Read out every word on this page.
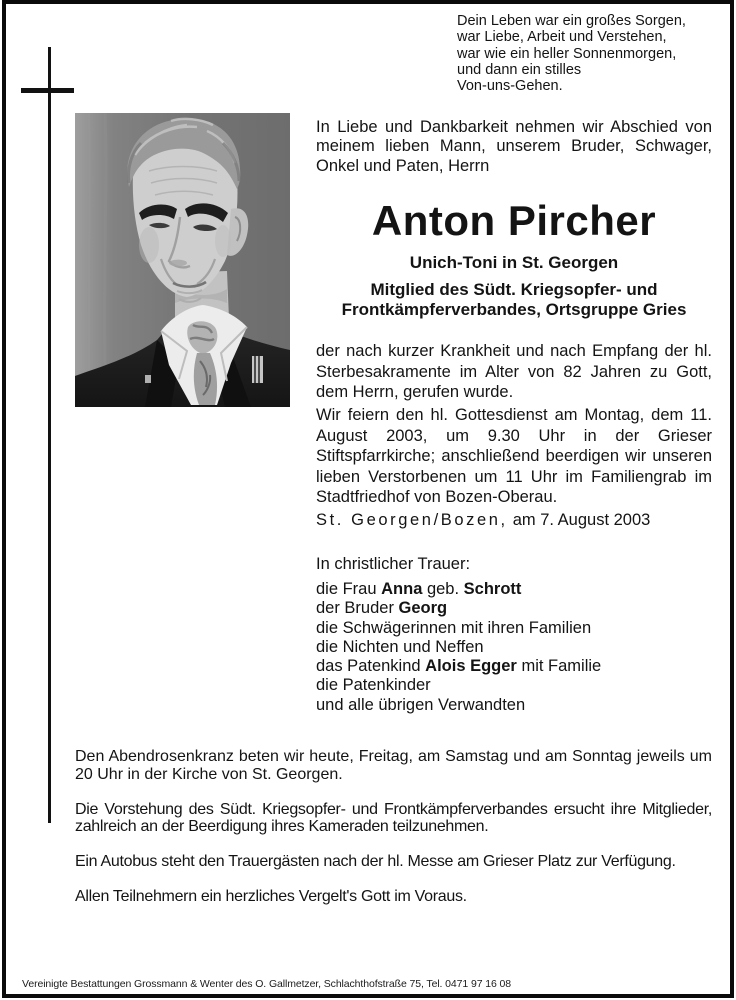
Dein Leben war ein großes Sorgen,
war Liebe, Arbeit und Verstehen,
war wie ein heller Sonnenmorgen,
und dann ein stilles
Von-uns-Gehen.

In Liebe und Dankbarkeit nehmen wir Abschied von meinem lieben Mann, unserem Bruder, Schwager, Onkel und Paten, Herrn

Anton Pircher
Unich-Toni in St. Georgen
Mitglied des Südt. Kriegsopfer- und Frontkämpferverbandes, Ortsgruppe Gries

der nach kurzer Krankheit und nach Empfang der hl. Sterbesakramente im Alter von 82 Jahren zu Gott, dem Herrn, gerufen wurde.

Wir feiern den hl. Gottesdienst am Montag, dem 11. August 2003, um 9.30 Uhr in der Grieser Stiftspfarrkirche; anschließend beerdigen wir unseren lieben Verstorbenen um 11 Uhr im Familiengrab im Stadtfriedhof von Bozen-Oberau.

St. Georgen/Bozen, am 7. August 2003
In christlicher Trauer:
die Frau Anna geb. Schrott
der Bruder Georg
die Schwägerinnen mit ihren Familien
die Nichten und Neffen
das Patenkind Alois Egger mit Familie
die Patenkinder
und alle übrigen Verwandten

Den Abendrosenkranz beten wir heute, Freitag, am Samstag und am Sonntag jeweils um 20 Uhr in der Kirche von St. Georgen.

Die Vorstehung des Südt. Kriegsopfer- und Frontkämpferverbandes ersucht ihre Mitglieder, zahlreich an der Beerdigung ihres Kameraden teilzunehmen.

Ein Autobus steht den Trauergästen nach der hl. Messe am Grieser Platz zur Verfügung.

Allen Teilnehmern ein herzliches Vergelt's Gott im Voraus.

Vereinigte Bestattungen Grossmann & Wenter des O. Gallmetzer, Schlachthofstraße 75, Tel. 0471 97 16 08
